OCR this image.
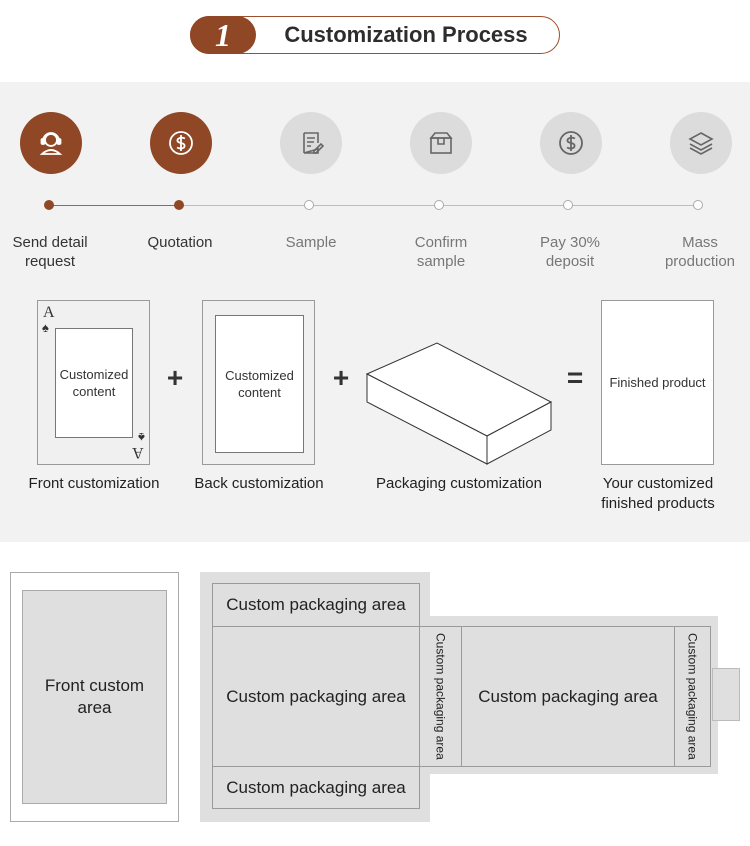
1	Customization Process
Send detail request
Quotation	Sample	Confirm sample
Pay 30% deposit
Mass production
A
♠
A
♠
Customized content	+	Customized content	+	=	Finished product
Front customization	Back customization	Packaging customization	Your customized finished products
Front custom area
Custom packaging area
Custom packaging area
Custom packaging area
Custom packaging area	Custom packaging area	Custom packaging area
